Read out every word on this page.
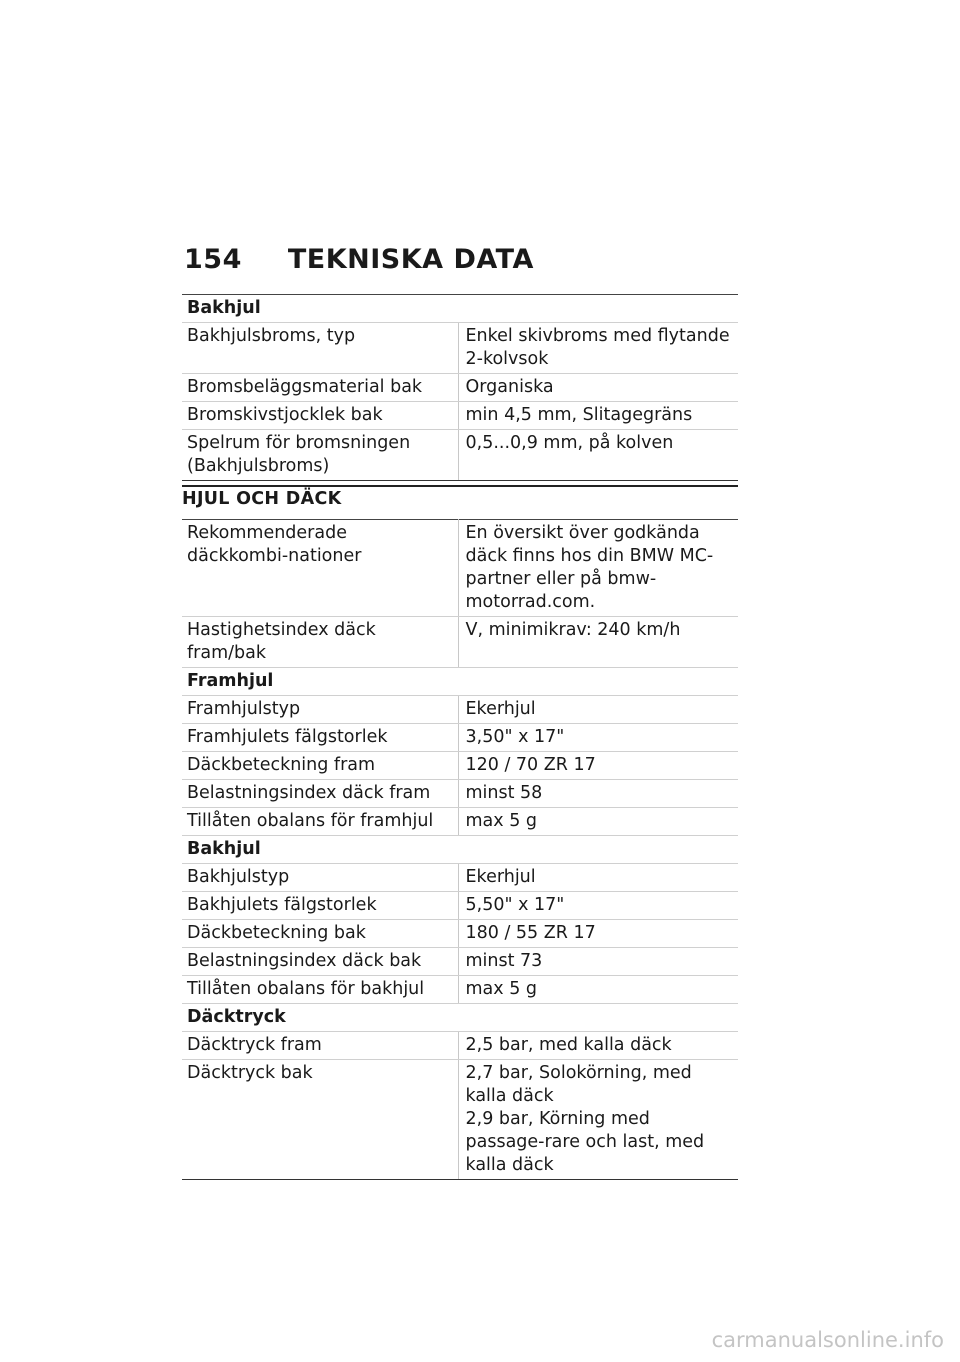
154 TEKNISKA DATA
Bakhjul	
Bakhjulsbroms, typ	Enkel skivbroms med flytande 2-kolvsok
Bromsbeläggsmaterial bak	Organiska
Bromskivstjocklek bak	min 4,5 mm, Slitagegräns
Spelrum för bromsningen (Bakhjulsbroms)	0,5...0,9 mm, på kolven
HJUL OCH DÄCK
Rekommenderade däckkombi-nationer	En översikt över godkända däck finns hos din BMW MC-partner eller på bmw-motorrad.com.
Hastighetsindex däck fram/bak	V, minimikrav: 240 km/h
Framhjul	
Framhjulstyp	Ekerhjul
Framhjulets fälgstorlek	3,50" x 17"
Däckbeteckning fram	120 / 70 ZR 17
Belastningsindex däck fram	minst 58
Tillåten obalans för framhjul	max 5 g
Bakhjul	
Bakhjulstyp	Ekerhjul
Bakhjulets fälgstorlek	5,50" x 17"
Däckbeteckning bak	180 / 55 ZR 17
Belastningsindex däck bak	minst 73
Tillåten obalans för bakhjul	max 5 g
Däcktryck	
Däcktryck fram	2,5 bar, med kalla däck
Däcktryck bak	2,7 bar, Solokörning, med kalla däck
2,9 bar, Körning med passage-rare och last, med kalla däck
carmanualsonline.info
